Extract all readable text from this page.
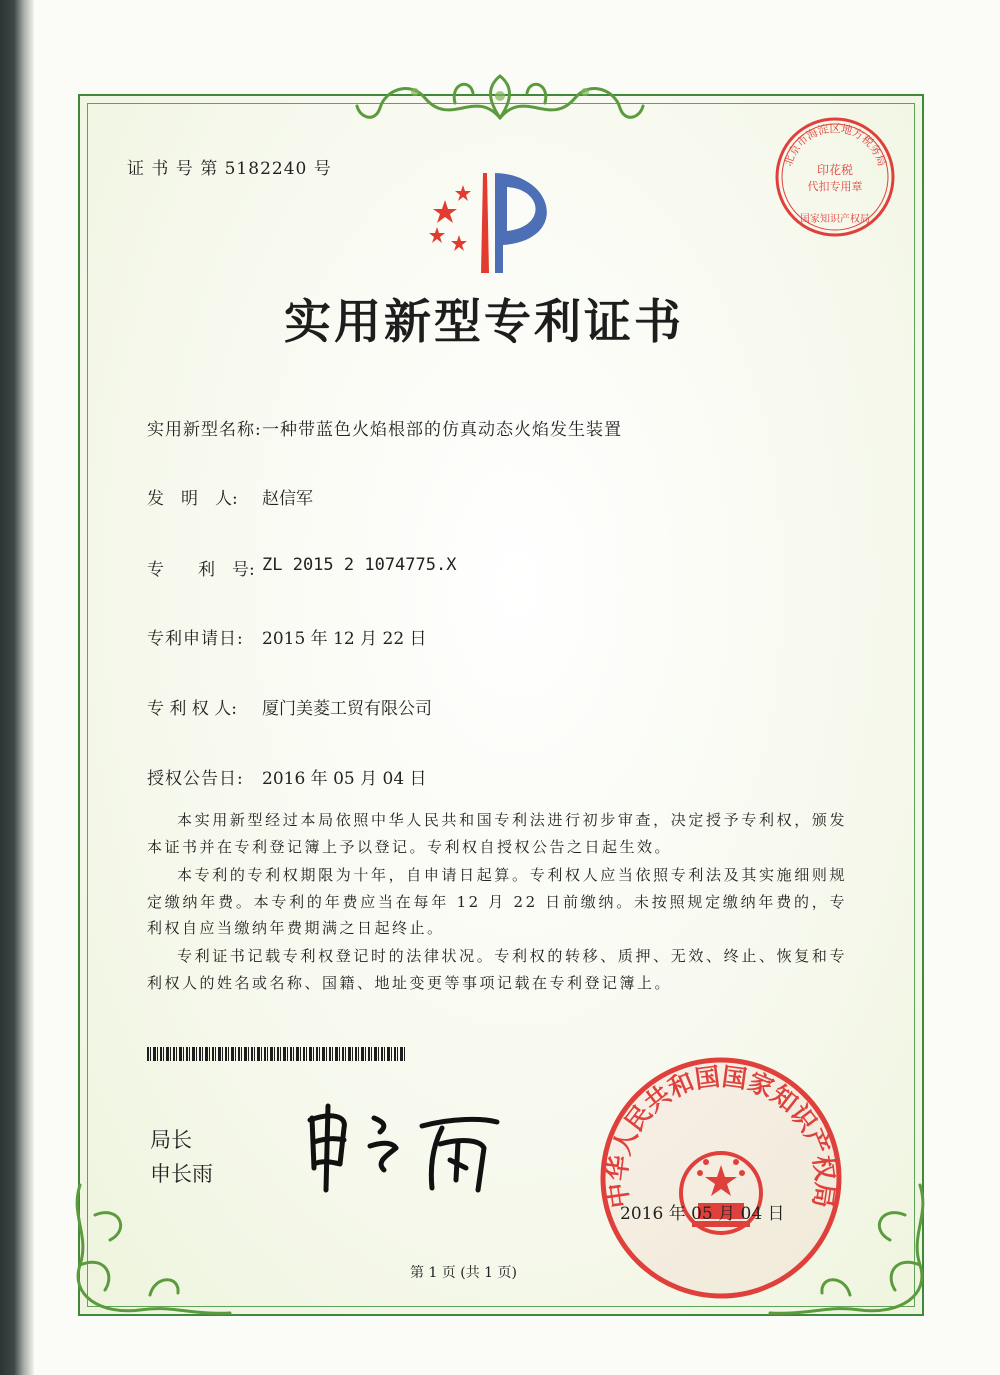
证 书 号 第 5182240 号
实用新型专利证书
实用新型名称: 一种带蓝色火焰根部的仿真动态火焰发生装置
发　明　人: 赵信军
专　　利　号: ZL 2015 2 1074775.X
专利申请日: 2015 年 12 月 22 日
专 利 权 人: 厦门美菱工贸有限公司
授权公告日: 2016 年 05 月 04 日
本实用新型经过本局依照中华人民共和国专利法进行初步审查，决定授予专利权，颁发本证书并在专利登记簿上予以登记。专利权自授权公告之日起生效。
本专利的专利权期限为十年，自申请日起算。专利权人应当依照专利法及其实施细则规定缴纳年费。本专利的年费应当在每年 12 月 22 日前缴纳。未按照规定缴纳年费的，专利权自应当缴纳年费期满之日起终止。
专利证书记载专利权登记时的法律状况。专利权的转移、质押、无效、终止、恢复和专利权人的姓名或名称、国籍、地址变更等事项记载在专利登记簿上。
局长
申长雨
北京市海淀区地方税务局
印花税
代扣专用章
国家知识产权局
中华人民共和国国家知识产权局
2016 年 05 月 04 日
第 1 页 (共 1 页)
